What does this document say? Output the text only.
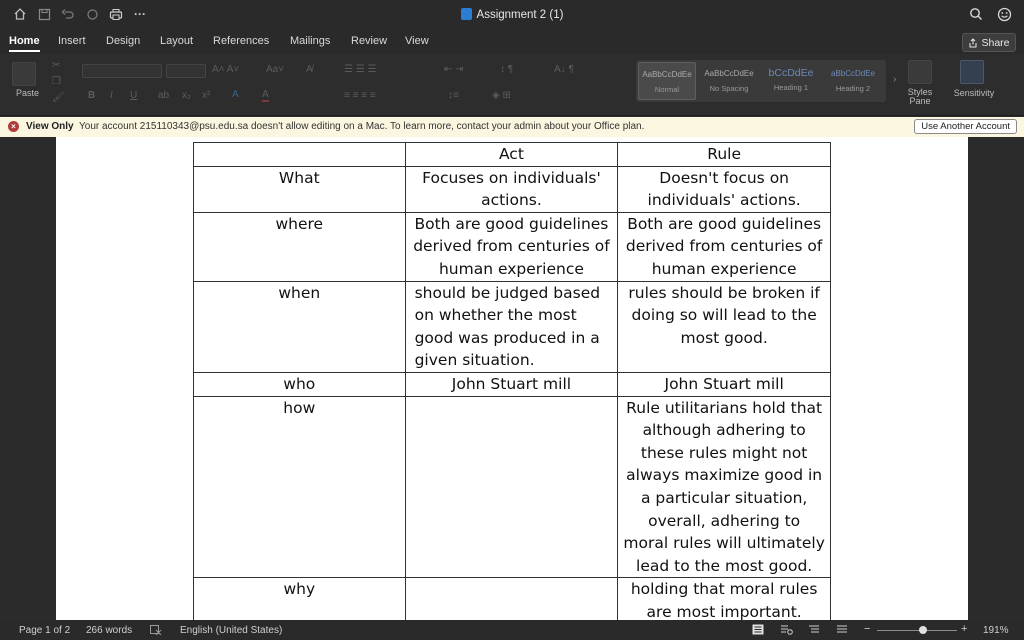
···	Assignment 2 (1)
Home Insert Design Layout References Mailings Review View	Share
Paste
✂
❐
🖌
A˄ A˅	Aa˅ A̸
B I U ab x₂ x² A A
☰ ☰ ☰	⇤ ⇥	↕ ¶	A↓ ¶
≡ ≡ ≡ ≡	↕≡	◈ ⊞
AaBbCcDdEe
Normal
AaBbCcDdEe
No Spacing
bCcDdEe
Heading 1
aBbCcDdEe
Heading 2
›
Styles
Pane
Sensitivity
×	View Only Your account 215110343@psu.edu.sa doesn't allow editing on a Mac. To learn more, contact your admin about your Office plan.	Use Another Account
	Act	Rule
What	Focuses on individuals' actions.	Doesn't focus on individuals' actions.
where	Both are good guidelines derived from centuries of human experience	Both are good guidelines derived from centuries of human experience
when	should be judged based on whether the most good was produced in a given situation.	rules should be broken if doing so will lead to the most good.
who	John Stuart mill	John Stuart mill
how		Rule utilitarians hold that although adhering to these rules might not always maximize good in a particular situation, overall, adhering to moral rules will ultimately lead to the most good.
why		holding that moral rules are most important.
Page 1 of 2 266 words	English (United States)	−	+ 191%
